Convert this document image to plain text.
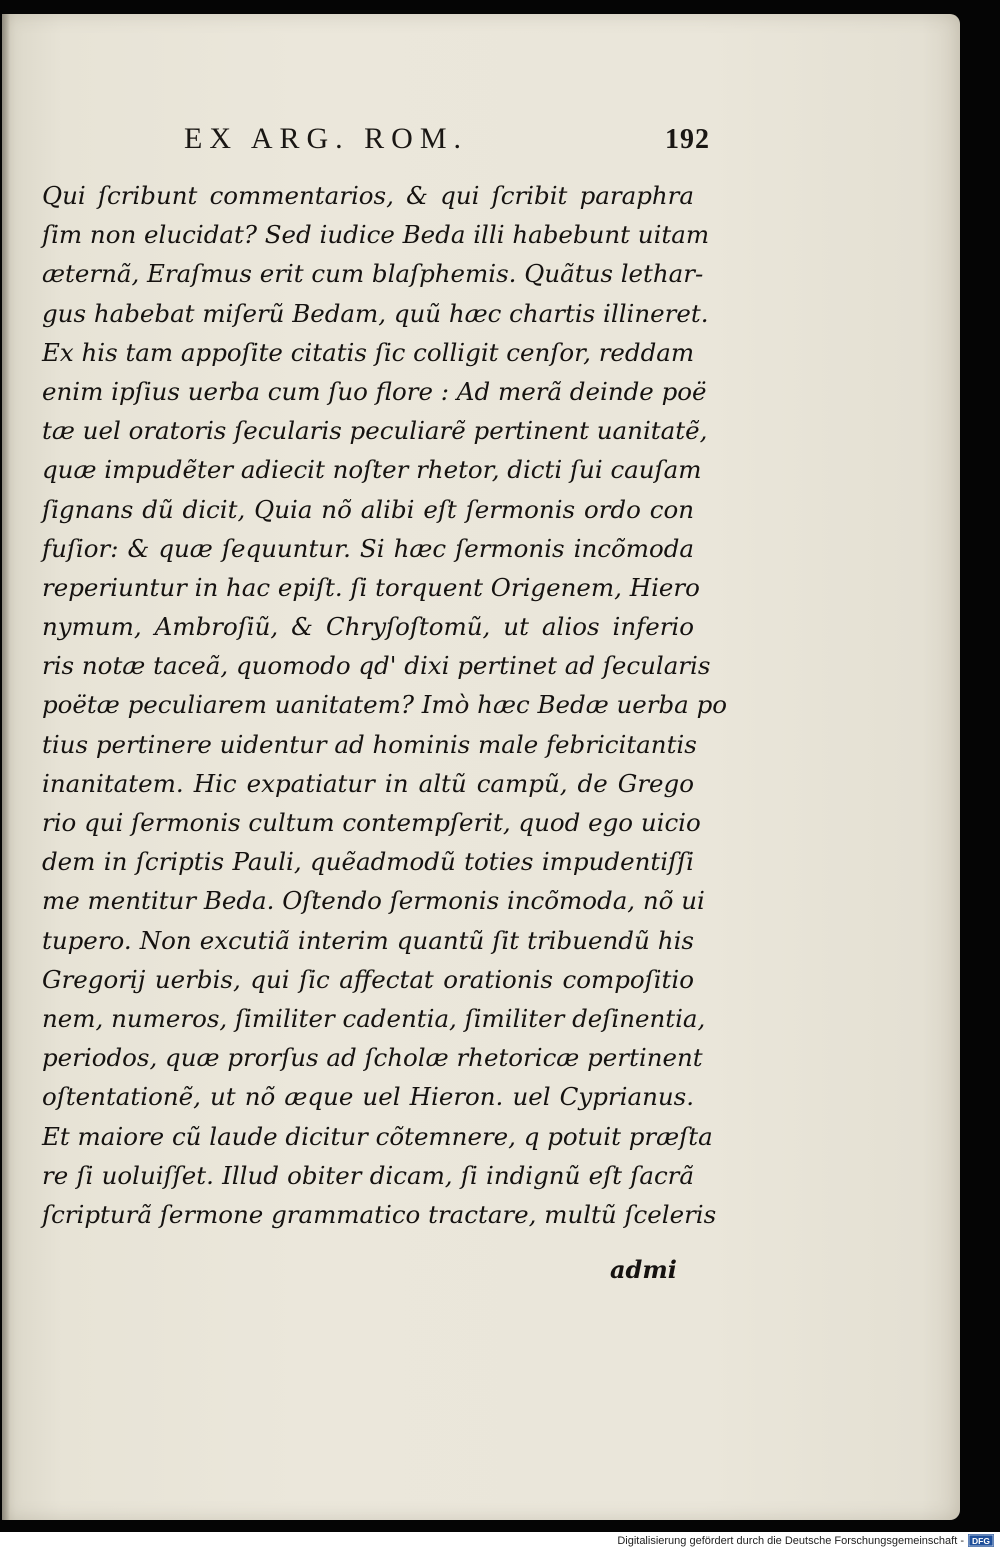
EX ARG. ROM.	192
Qui ſcribunt commentarios, & qui ſcribit paraphra
ſim non elucidat? Sed iudice Beda illi habebunt uitam
æternã, Eraſmus erit cum blaſphemis. Quãtus lethar-
gus habebat miſerũ Bedam, quũ hæc chartis illineret.
Ex his tam appoſite citatis ſic colligit cenſor, reddam
enim ipſius uerba cum ſuo flore : Ad merã deinde poë
tæ uel oratoris ſecularis peculiarẽ pertinent uanitatẽ,
quæ impudẽter adiecit noſter rhetor, dicti ſui cauſam
ſignans dũ dicit, Quia nõ alibi eſt ſermonis ordo con
fuſior: & quæ ſequuntur. Si hæc ſermonis incõmoda
reperiuntur in hac epiſt. ſi torquent Origenem, Hiero
nymum, Ambroſiũ, & Chryſoſtomũ, ut alios inferio
ris notæ taceã, quomodo qd' dixi pertinet ad ſecularis
poëtæ peculiarem uanitatem? Imò hæc Bedæ uerba po
tius pertinere uidentur ad hominis male febricitantis
inanitatem. Hic expatiatur in altũ campũ, de Grego
rio qui ſermonis cultum contempſerit, quod ego uicio
dem in ſcriptis Pauli, quẽadmodũ toties impudentiſſi
me mentitur Beda. Oſtendo ſermonis incõmoda, nõ ui
tupero. Non excutiã interim quantũ ſit tribuendũ his
Gregorij uerbis, qui ſic affectat orationis compoſitio
nem, numeros, ſimiliter cadentia, ſimiliter deſinentia,
periodos, quæ prorſus ad ſcholæ rhetoricæ pertinent
oſtentationẽ, ut nõ æque uel Hieron. uel Cyprianus.
Et maiore cũ laude dicitur cõtemnere, q potuit præſta
re ſi uoluiſſet. Illud obiter dicam, ſi indignũ eſt ſacrã
ſcripturã ſermone grammatico tractare, multũ ſceleris
admi
Digitalisierung gefördert durch die Deutsche Forschungsgemeinschaft - DFG
